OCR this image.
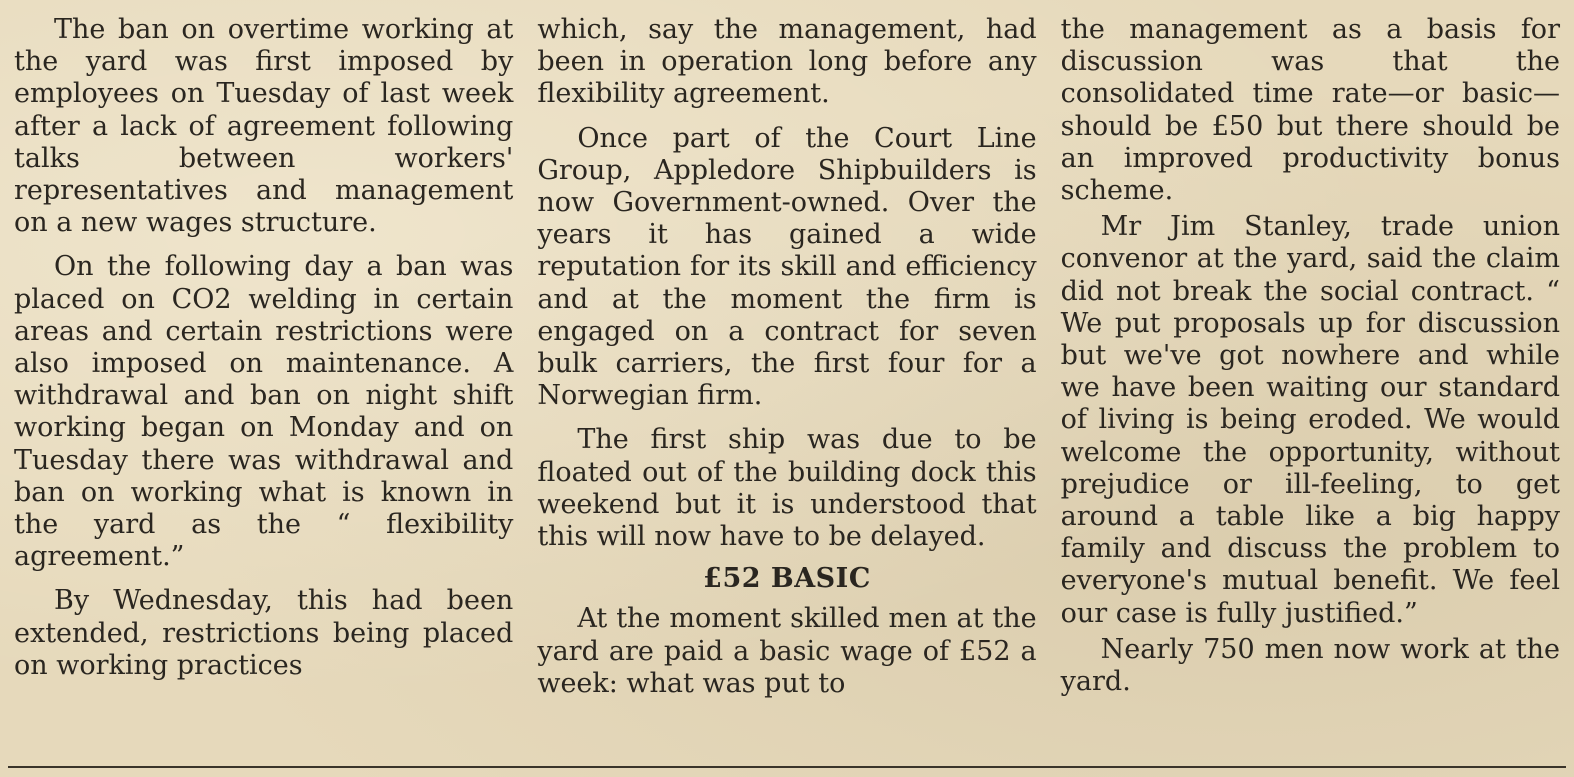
The ban on overtime working at the yard was first imposed by employees on Tuesday of last week after a lack of agreement following talks between workers' representatives and management on a new wages structure.

On the following day a ban was placed on CO2 welding in certain areas and certain restrictions were also imposed on maintenance. A withdrawal and ban on night shift working began on Monday and on Tuesday there was withdrawal and ban on working what is known in the yard as the “ flexibility agreement.”

By Wednesday, this had been extended, restrictions being placed on working practices

which, say the management, had been in operation long before any flexibility agreement.

Once part of the Court Line Group, Appledore Shipbuilders is now Government-owned. Over the years it has gained a wide reputation for its skill and efficiency and at the moment the firm is engaged on a contract for seven bulk carriers, the first four for a Norwegian firm.

The first ship was due to be floated out of the building dock this weekend but it is understood that this will now have to be delayed.

£52 BASIC

At the moment skilled men at the yard are paid a basic wage of £52 a week: what was put to

the management as a basis for discussion was that the consolidated time rate—or basic—should be £50 but there should be an improved productivity bonus scheme.

Mr Jim Stanley, trade union convenor at the yard, said the claim did not break the social contract. “ We put proposals up for discussion but we've got nowhere and while we have been waiting our standard of living is being eroded. We would welcome the opportunity, without prejudice or ill-feeling, to get around a table like a big happy family and discuss the problem to everyone's mutual benefit. We feel our case is fully justified.”

Nearly 750 men now work at the yard.
